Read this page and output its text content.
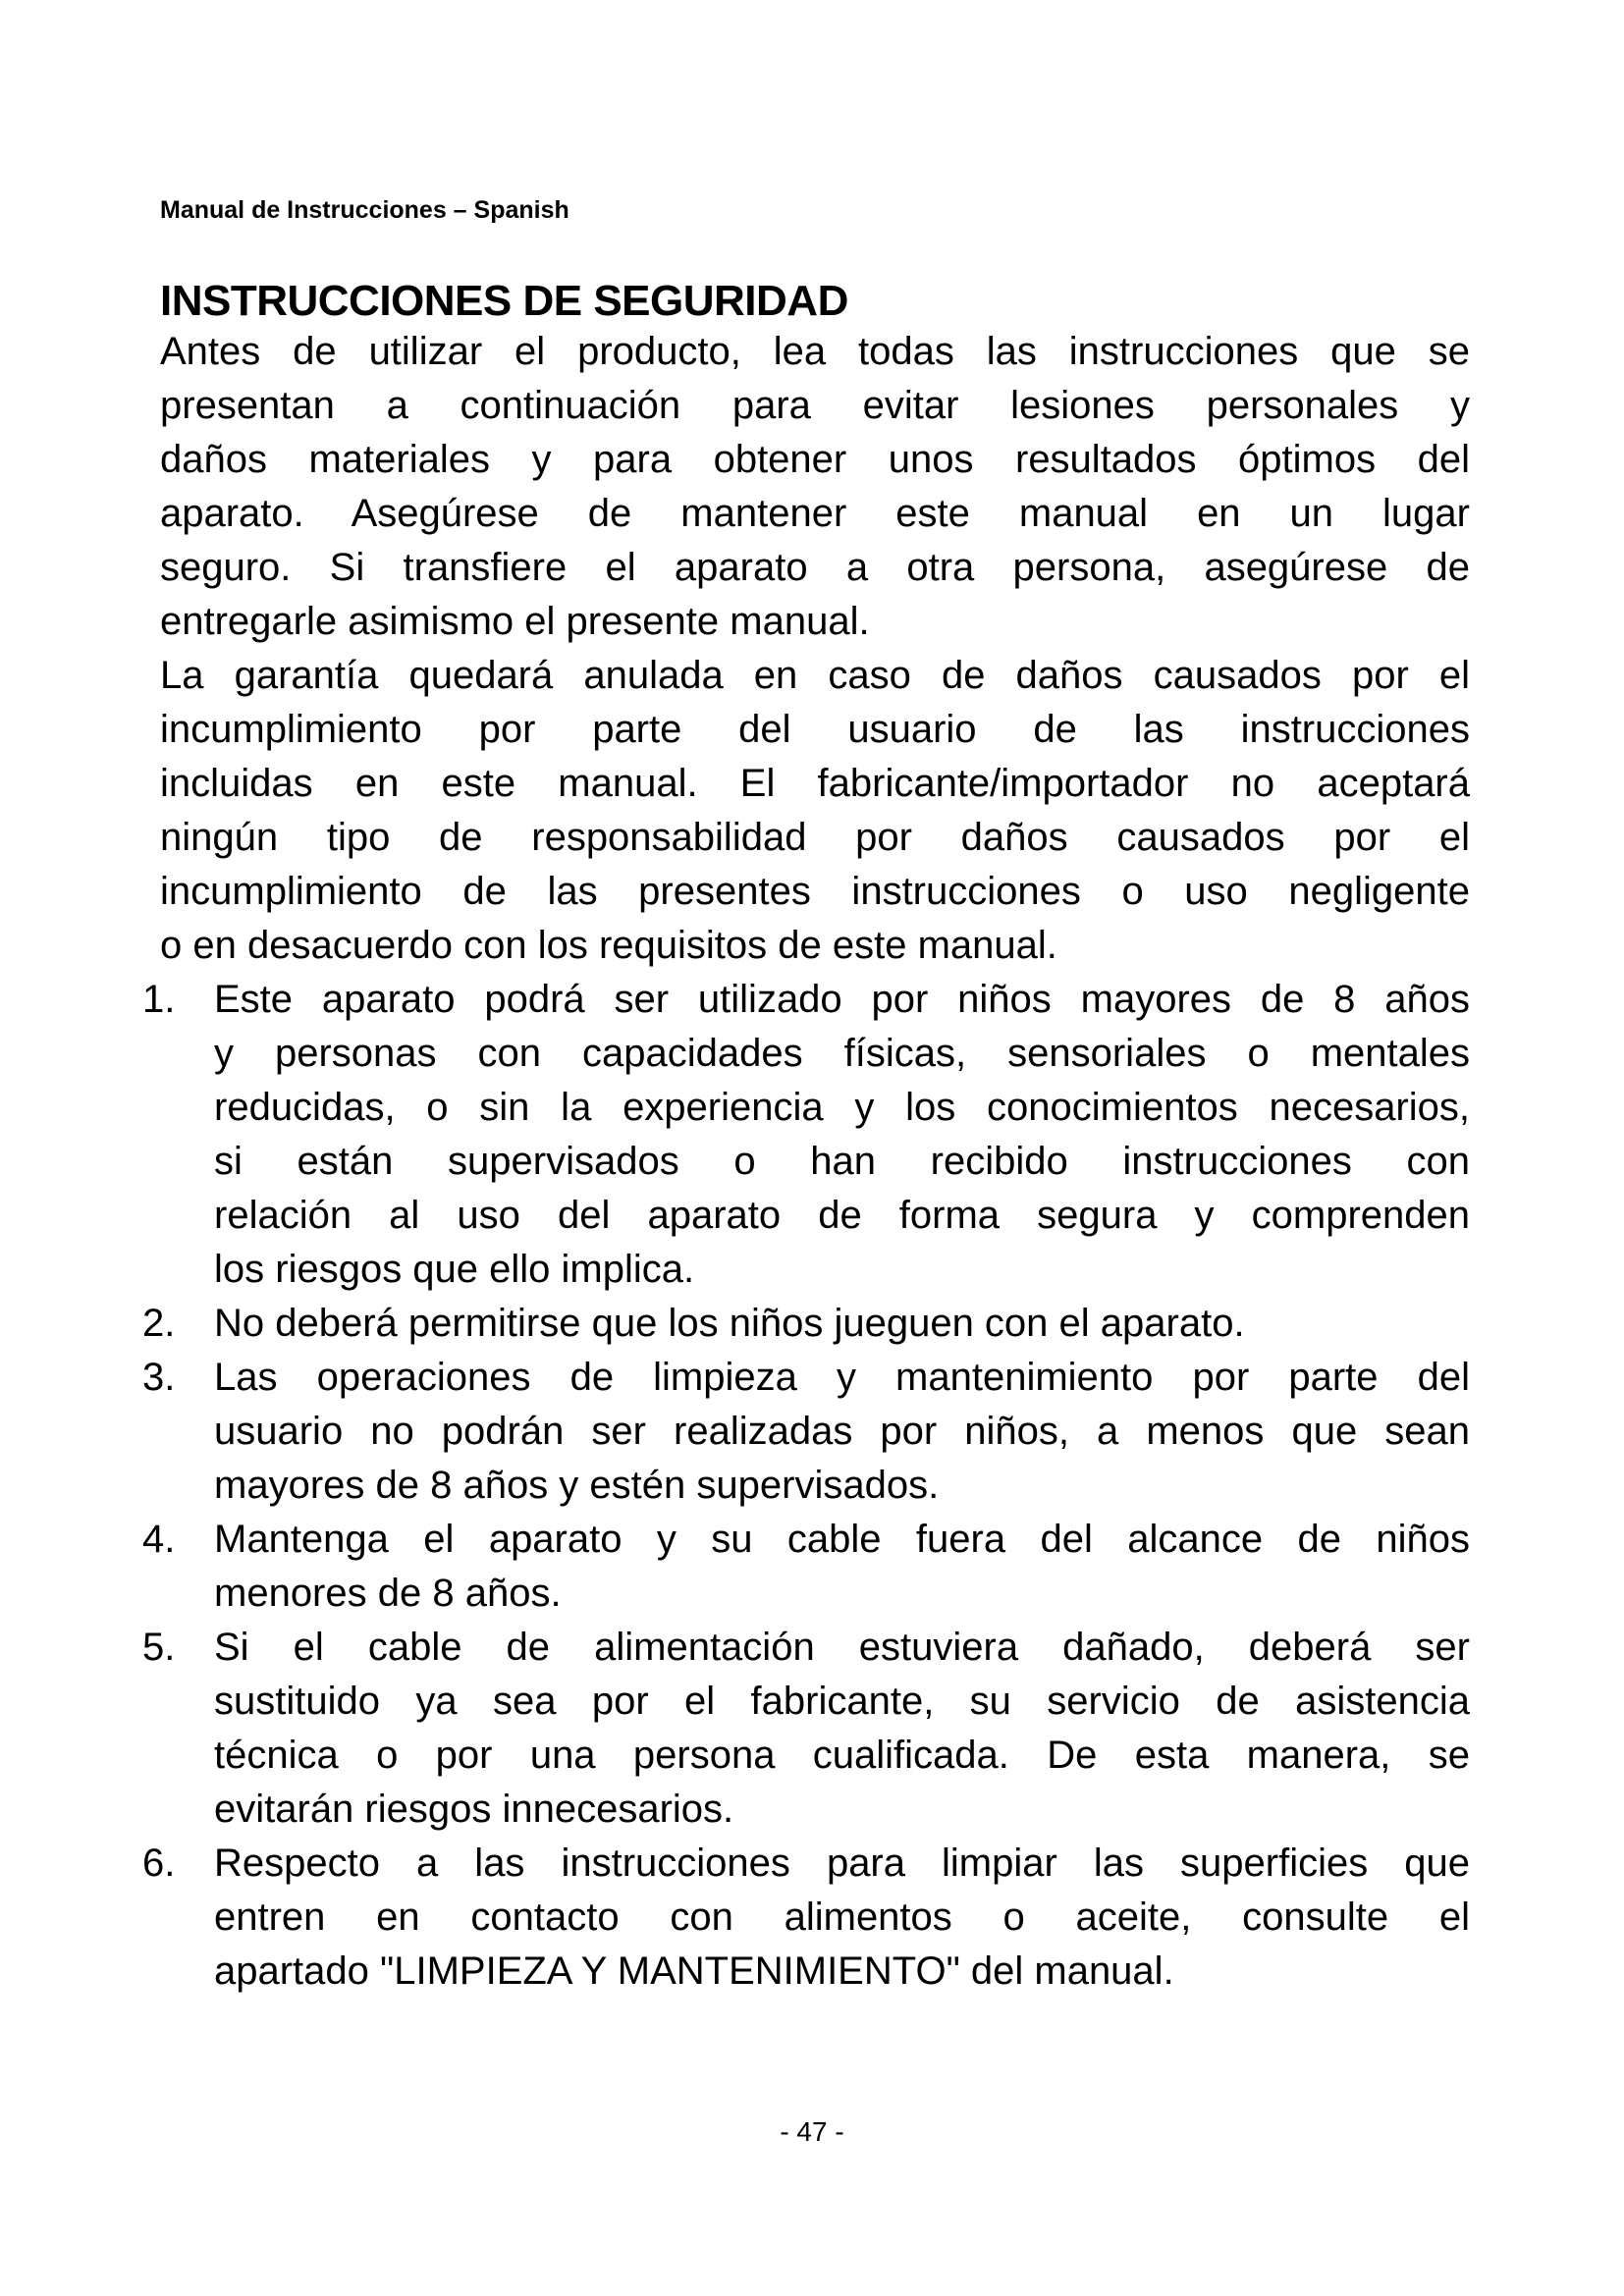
Manual de Instrucciones – Spanish
INSTRUCCIONES DE SEGURIDAD
Antes de utilizar el producto, lea todas las instrucciones que se
presentan a continuación para evitar lesiones personales y
daños materiales y para obtener unos resultados óptimos del
aparato. Asegúrese de mantener este manual en un lugar
seguro. Si transfiere el aparato a otra persona, asegúrese de
entregarle asimismo el presente manual.
La garantía quedará anulada en caso de daños causados por el
incumplimiento por parte del usuario de las instrucciones
incluidas en este manual. El fabricante/importador no aceptará
ningún tipo de responsabilidad por daños causados por el
incumplimiento de las presentes instrucciones o uso negligente
o en desacuerdo con los requisitos de este manual.
1. Este aparato podrá ser utilizado por niños mayores de 8 años
y personas con capacidades físicas, sensoriales o mentales
reducidas, o sin la experiencia y los conocimientos necesarios,
si están supervisados o han recibido instrucciones con
relación al uso del aparato de forma segura y comprenden
los riesgos que ello implica.
2. No deberá permitirse que los niños jueguen con el aparato.
3. Las operaciones de limpieza y mantenimiento por parte del
usuario no podrán ser realizadas por niños, a menos que sean
mayores de 8 años y estén supervisados.
4. Mantenga el aparato y su cable fuera del alcance de niños
menores de 8 años.
5. Si el cable de alimentación estuviera dañado, deberá ser
sustituido ya sea por el fabricante, su servicio de asistencia
técnica o por una persona cualificada. De esta manera, se
evitarán riesgos innecesarios.
6. Respecto a las instrucciones para limpiar las superficies que
entren en contacto con alimentos o aceite, consulte el
apartado "LIMPIEZA Y MANTENIMIENTO" del manual.
- 47 -
